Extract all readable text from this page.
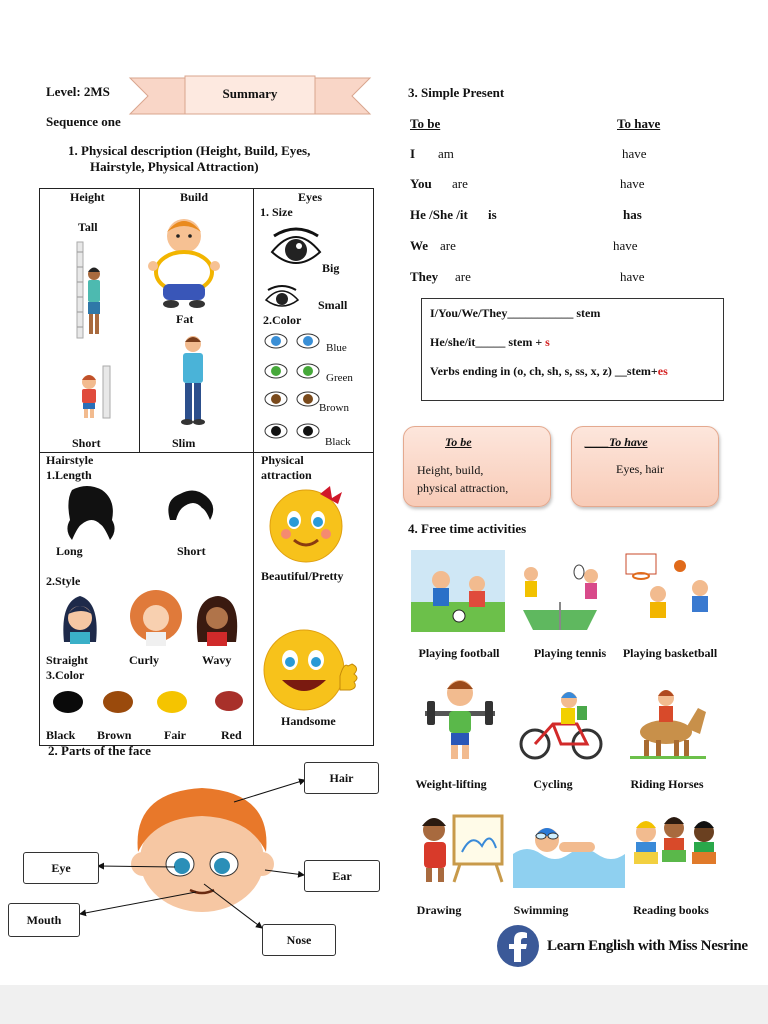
Level: 2MS
Sequence one
Summary
1. Physical description (Height, Build, Eyes,
Hairstyle, Physical Attraction)
Height
Tall
Short
Build
Fat
Slim
Eyes
1. Size
Big
Small
2.Color
Blue
Green
Brown
Black
Hairstyle
1.Length
Long	Short
2.Style
Straight	Curly	Wavy
3.Color
Black Brown	Fair	Red
Physical
attraction
Beautiful/Pretty
Handsome
2. Parts of the face
Hair
Eye
Ear
Mouth
Nose
3. Simple Present
To be	To have
I am	have
You are	have
He /She /it is	has
We are	have
They are	have
I/You/We/They___________ stem
He/she/it_____ stem + s
Verbs ending in (o, ch, sh, s, ss, x, z) __stem+es
To be
Height, build,
physical attraction,
____To have
Eyes, hair
4. Free time activities
Playing football	Playing tennis	Playing basketball
Weight-lifting	Cycling	Riding Horses
Drawing	Swimming	Reading books
Learn English with Miss Nesrine
